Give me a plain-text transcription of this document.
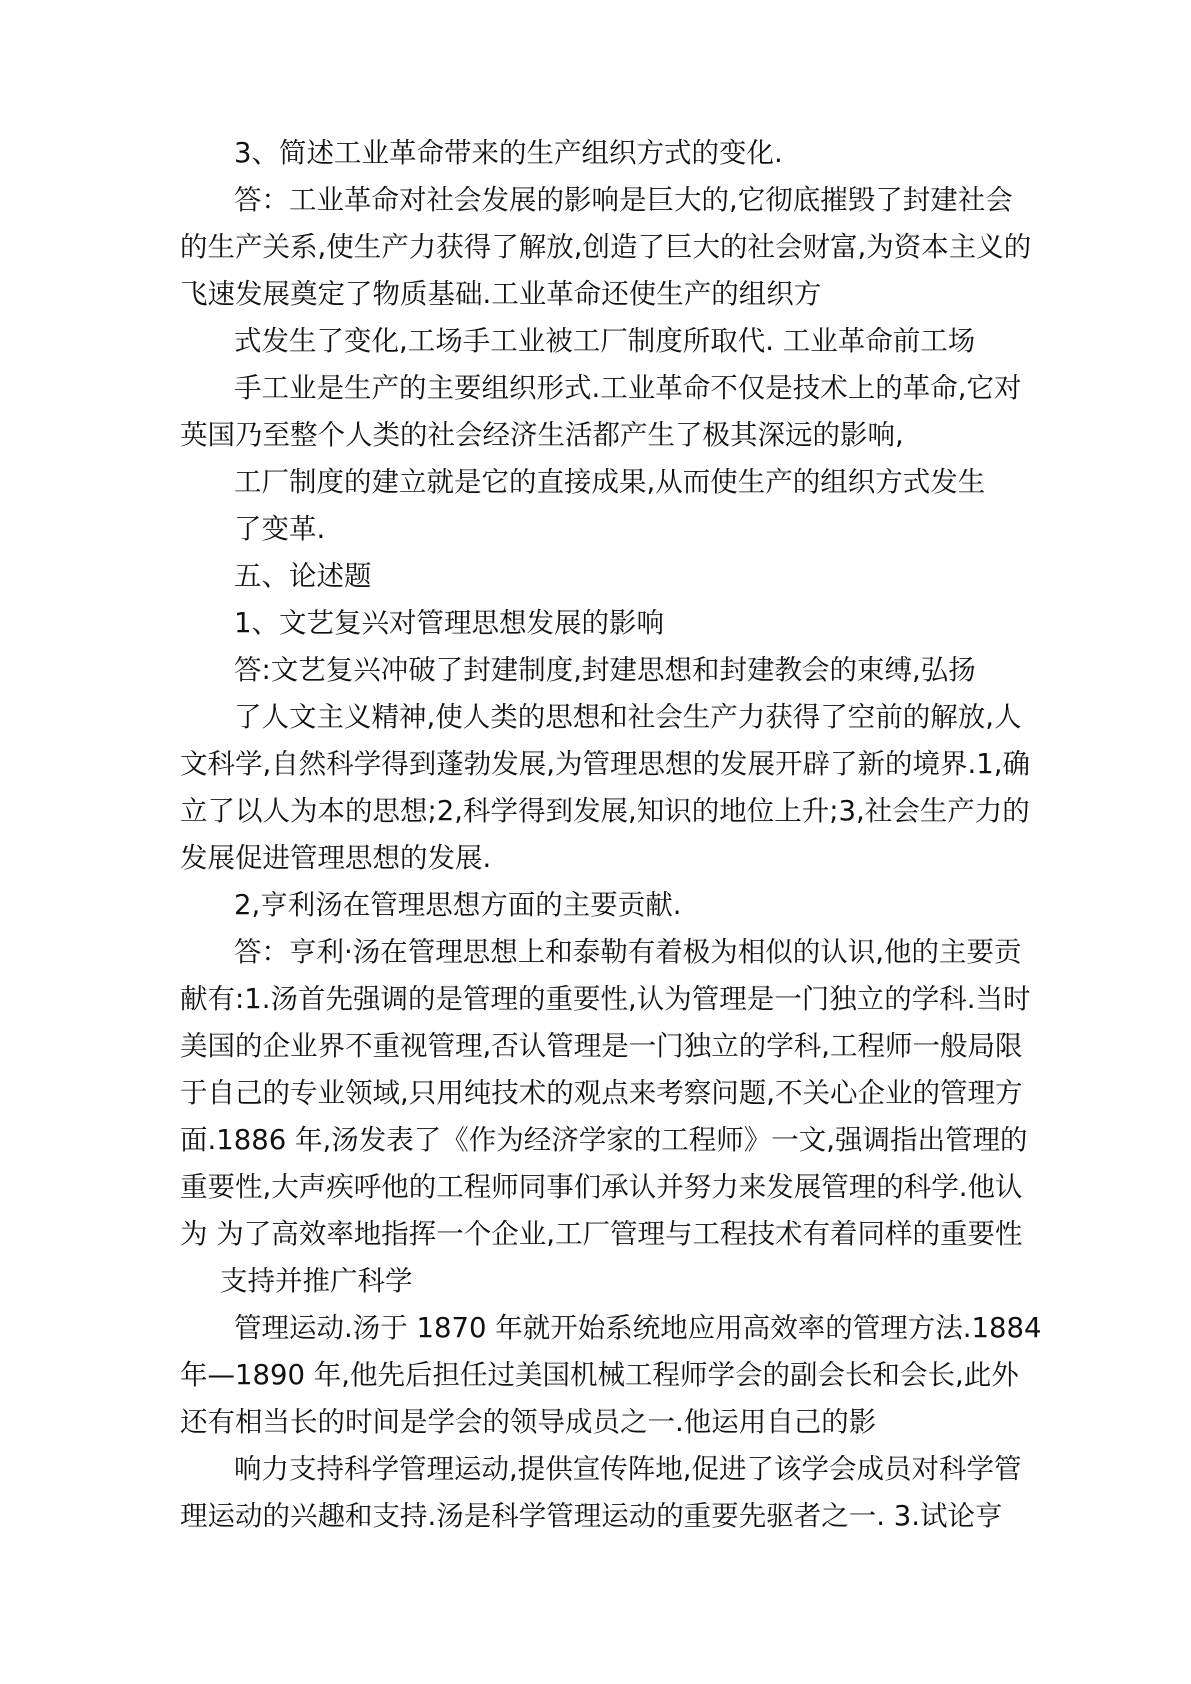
3、简述工业革命带来的生产组织方式的变化.
答：工业革命对社会发展的影响是巨大的,它彻底摧毁了封建社会
的生产关系,使生产力获得了解放,创造了巨大的社会财富,为资本主义的
飞速发展奠定了物质基础.工业革命还使生产的组织方
式发生了变化,工场手工业被工厂制度所取代. 工业革命前工场
手工业是生产的主要组织形式.工业革命不仅是技术上的革命,它对
英国乃至整个人类的社会经济生活都产生了极其深远的影响,
工厂制度的建立就是它的直接成果,从而使生产的组织方式发生
了变革.
五、论述题
1、文艺复兴对管理思想发展的影响
答:文艺复兴冲破了封建制度,封建思想和封建教会的束缚,弘扬
了人文主义精神,使人类的思想和社会生产力获得了空前的解放,人
文科学,自然科学得到蓬勃发展,为管理思想的发展开辟了新的境界.1,确
立了以人为本的思想;2,科学得到发展,知识的地位上升;3,社会生产力的
发展促进管理思想的发展.
2,亨利汤在管理思想方面的主要贡献.
答：亨利·汤在管理思想上和泰勒有着极为相似的认识,他的主要贡
献有:1.汤首先强调的是管理的重要性,认为管理是一门独立的学科.当时
美国的企业界不重视管理,否认管理是一门独立的学科,工程师一般局限
于自己的专业领域,只用纯技术的观点来考察问题,不关心企业的管理方
面.1886 年,汤发表了《作为经济学家的工程师》一文,强调指出管理的
重要性,大声疾呼他的工程师同事们承认并努力来发展管理的科学.他认
为 为了高效率地指挥一个企业,工厂管理与工程技术有着同样的重要性
支持并推广科学
管理运动.汤于 1870 年就开始系统地应用高效率的管理方法.1884
年—1890 年,他先后担任过美国机械工程师学会的副会长和会长,此外
还有相当长的时间是学会的领导成员之一.他运用自己的影
响力支持科学管理运动,提供宣传阵地,促进了该学会成员对科学管
理运动的兴趣和支持.汤是科学管理运动的重要先驱者之一. 3.试论亨
